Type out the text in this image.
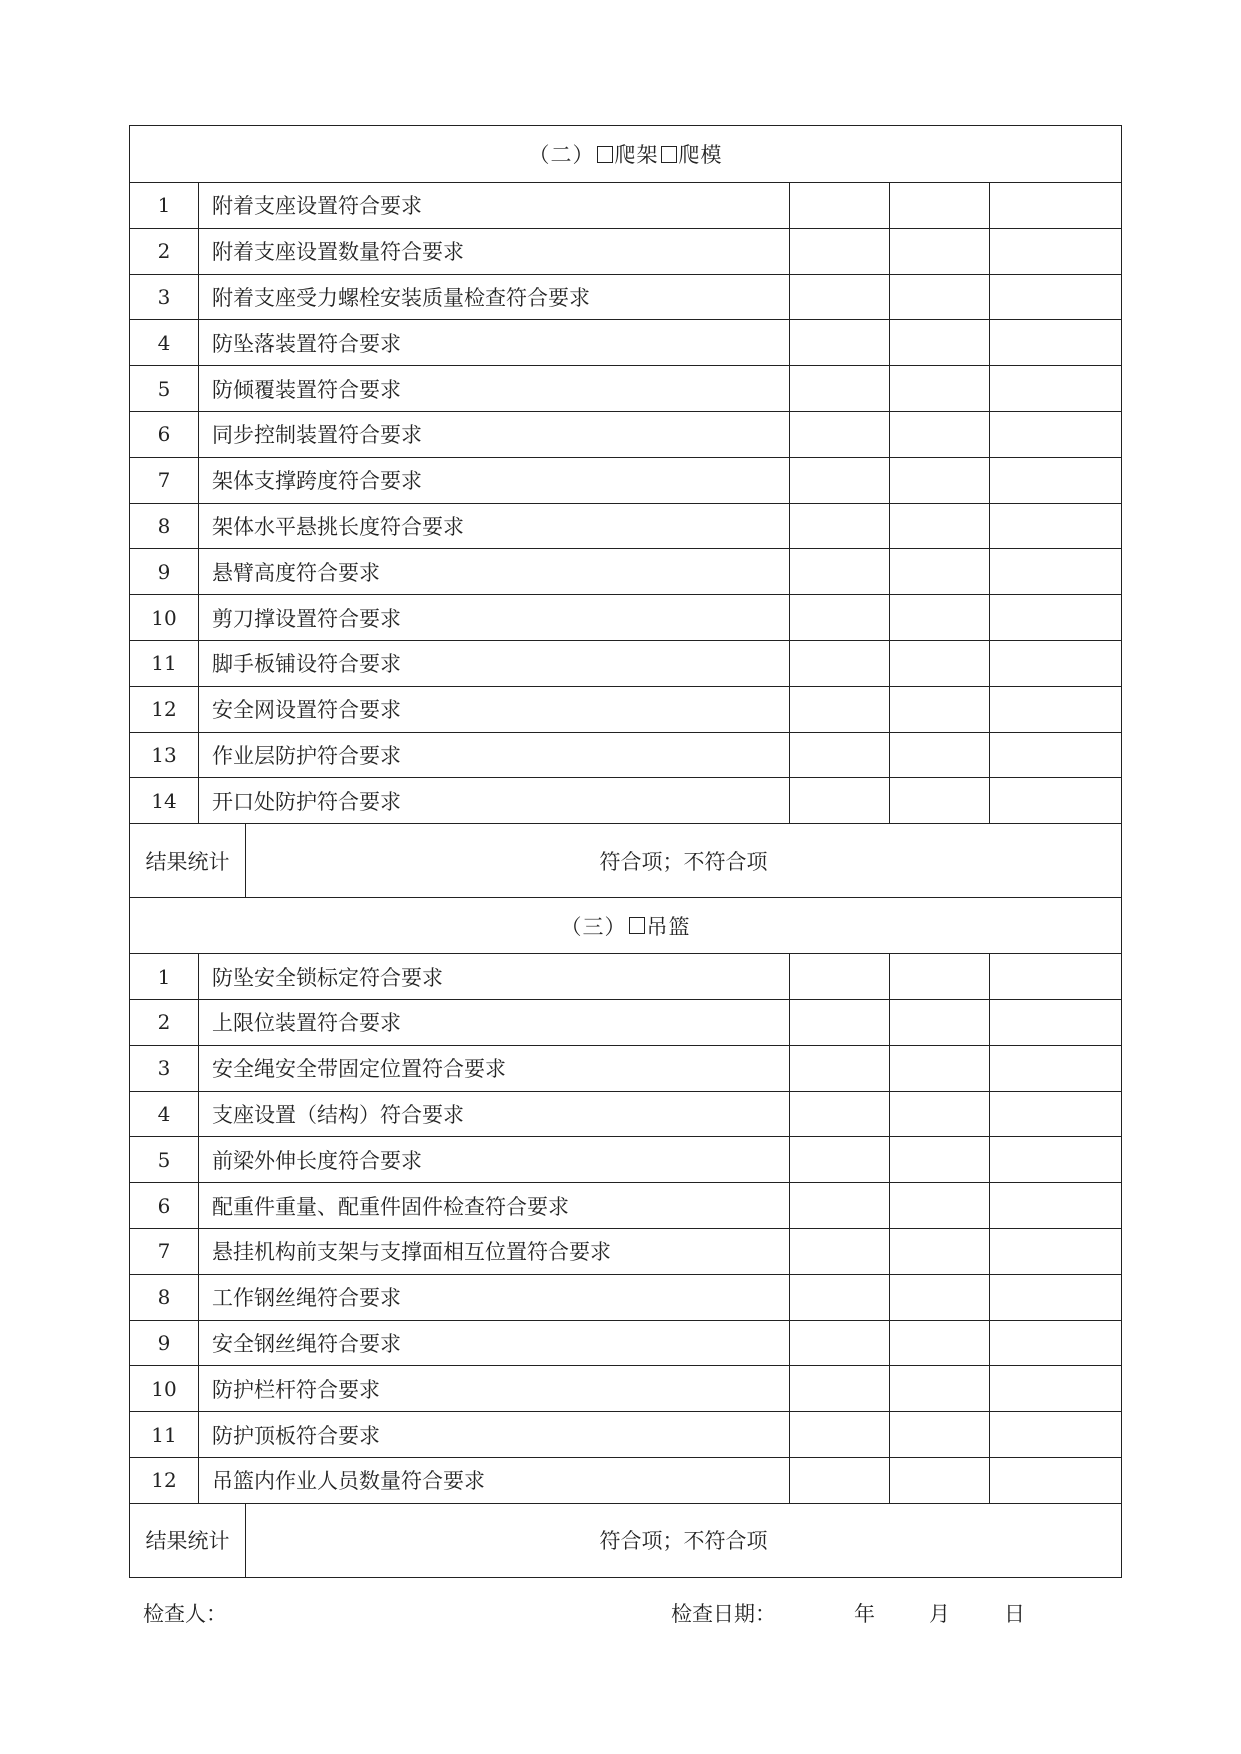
（二） 爬架 爬模
1	附着支座设置符合要求
2	附着支座设置数量符合要求
3	附着支座受力螺栓安装质量检查符合要求
4	防坠落装置符合要求
5	防倾覆装置符合要求
6	同步控制装置符合要求
7	架体支撑跨度符合要求
8	架体水平悬挑长度符合要求
9	悬臂高度符合要求
10	剪刀撑设置符合要求
11	脚手板铺设符合要求
12	安全网设置符合要求
13	作业层防护符合要求
14	开口处防护符合要求
结果统计	符合项；不符合项
（三） 吊篮
1	防坠安全锁标定符合要求
2	上限位装置符合要求
3	安全绳安全带固定位置符合要求
4	支座设置（结构）符合要求
5	前梁外伸长度符合要求
6	配重件重量、配重件固件检查符合要求
7	悬挂机构前支架与支撑面相互位置符合要求
8	工作钢丝绳符合要求
9	安全钢丝绳符合要求
10	防护栏杆符合要求
11	防护顶板符合要求
12	吊篮内作业人员数量符合要求
结果统计	符合项；不符合项
检查人：	检查日期：	年	月	日
